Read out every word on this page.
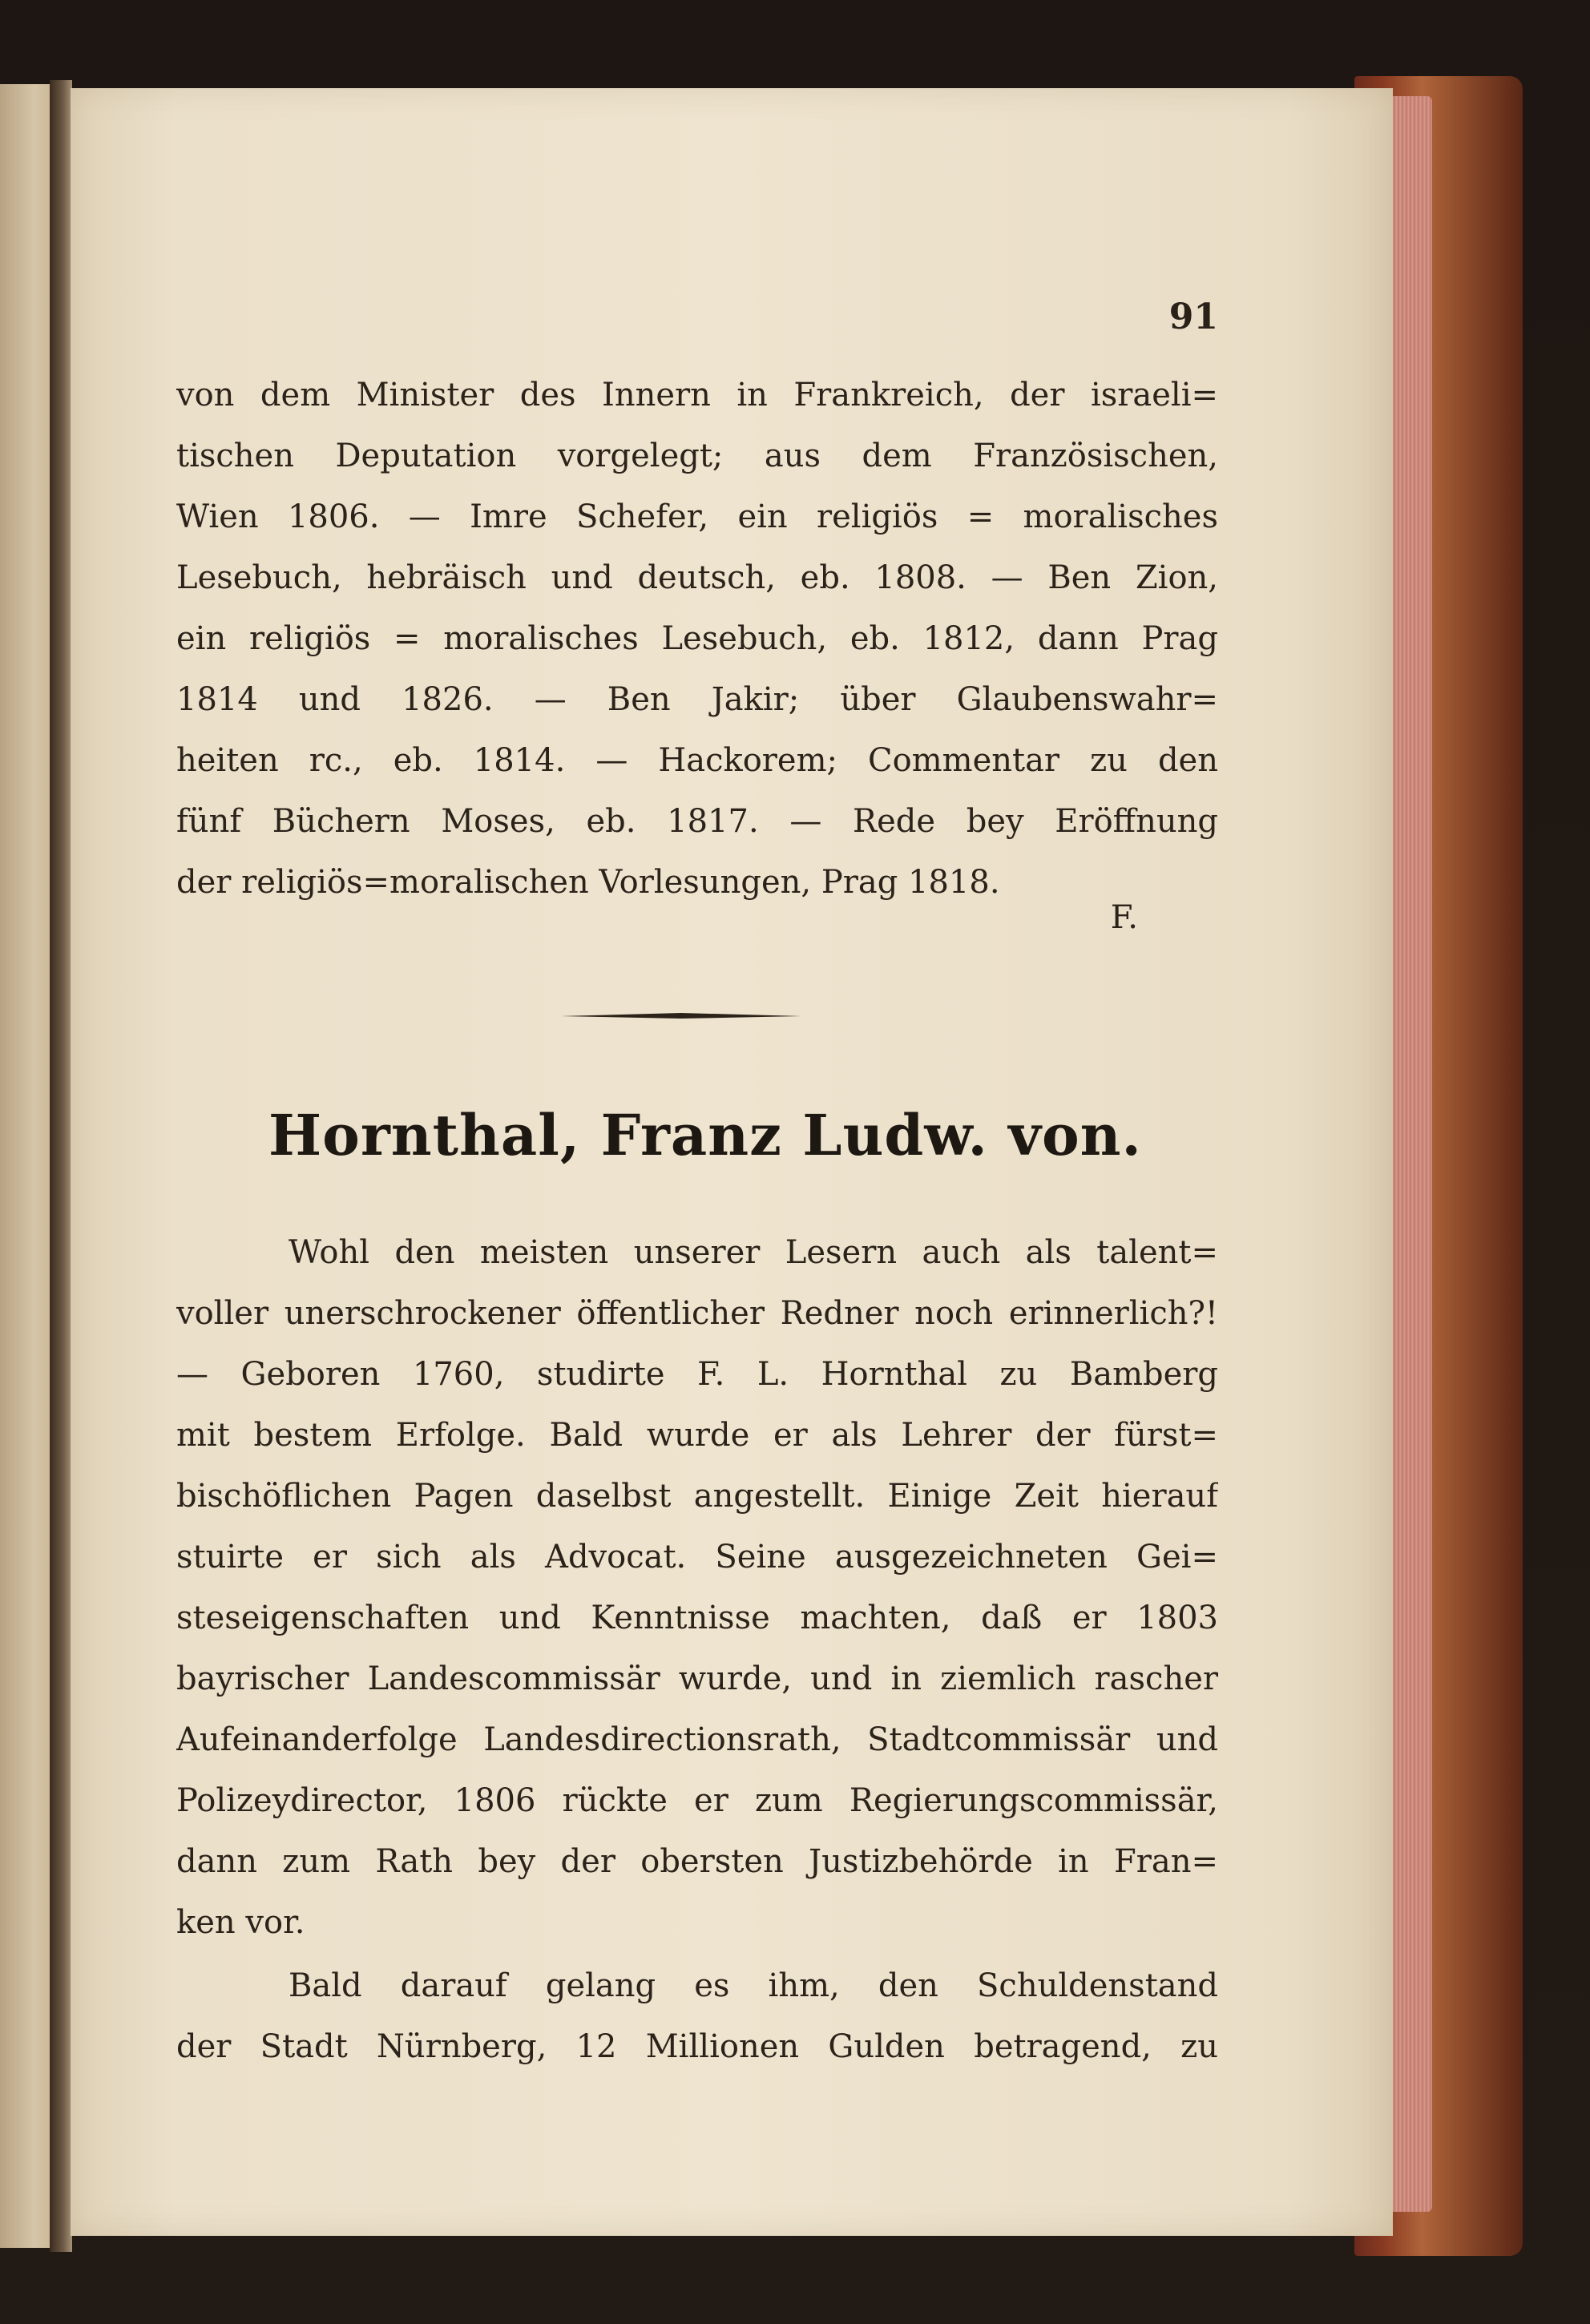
91
von dem Minister des Innern in Frankreich, der israeli=
tischen Deputation vorgelegt; aus dem Französischen,
Wien 1806. — Imre Schefer, ein religiös = moralisches
Lesebuch, hebräisch und deutsch, eb. 1808. — Ben Zion,
ein religiös = moralisches Lesebuch, eb. 1812, dann Prag
1814 und 1826. — Ben Jakir; über Glaubenswahr=
heiten rc., eb. 1814. — Hackorem; Commentar zu den
fünf Büchern Moses, eb. 1817. — Rede bey Eröffnung
der religiös=moralischen Vorlesungen, Prag 1818.
F.
Hornthal, Franz Ludw. von.
Wohl den meisten unserer Lesern auch als talent=
voller unerschrockener öffentlicher Redner noch erinnerlich?!
— Geboren 1760, studirte F. L. Hornthal zu Bamberg
mit bestem Erfolge. Bald wurde er als Lehrer der fürst=
bischöflichen Pagen daselbst angestellt. Einige Zeit hierauf
stuirte er sich als Advocat. Seine ausgezeichneten Gei=
steseigenschaften und Kenntnisse machten, daß er 1803
bayrischer Landescommissär wurde, und in ziemlich rascher
Aufeinanderfolge Landesdirectionsrath, Stadtcommissär und
Polizeydirector, 1806 rückte er zum Regierungscommissär,
dann zum Rath bey der obersten Justizbehörde in Fran=
ken vor.
Bald darauf gelang es ihm, den Schuldenstand
der Stadt Nürnberg, 12 Millionen Gulden betragend, zu
